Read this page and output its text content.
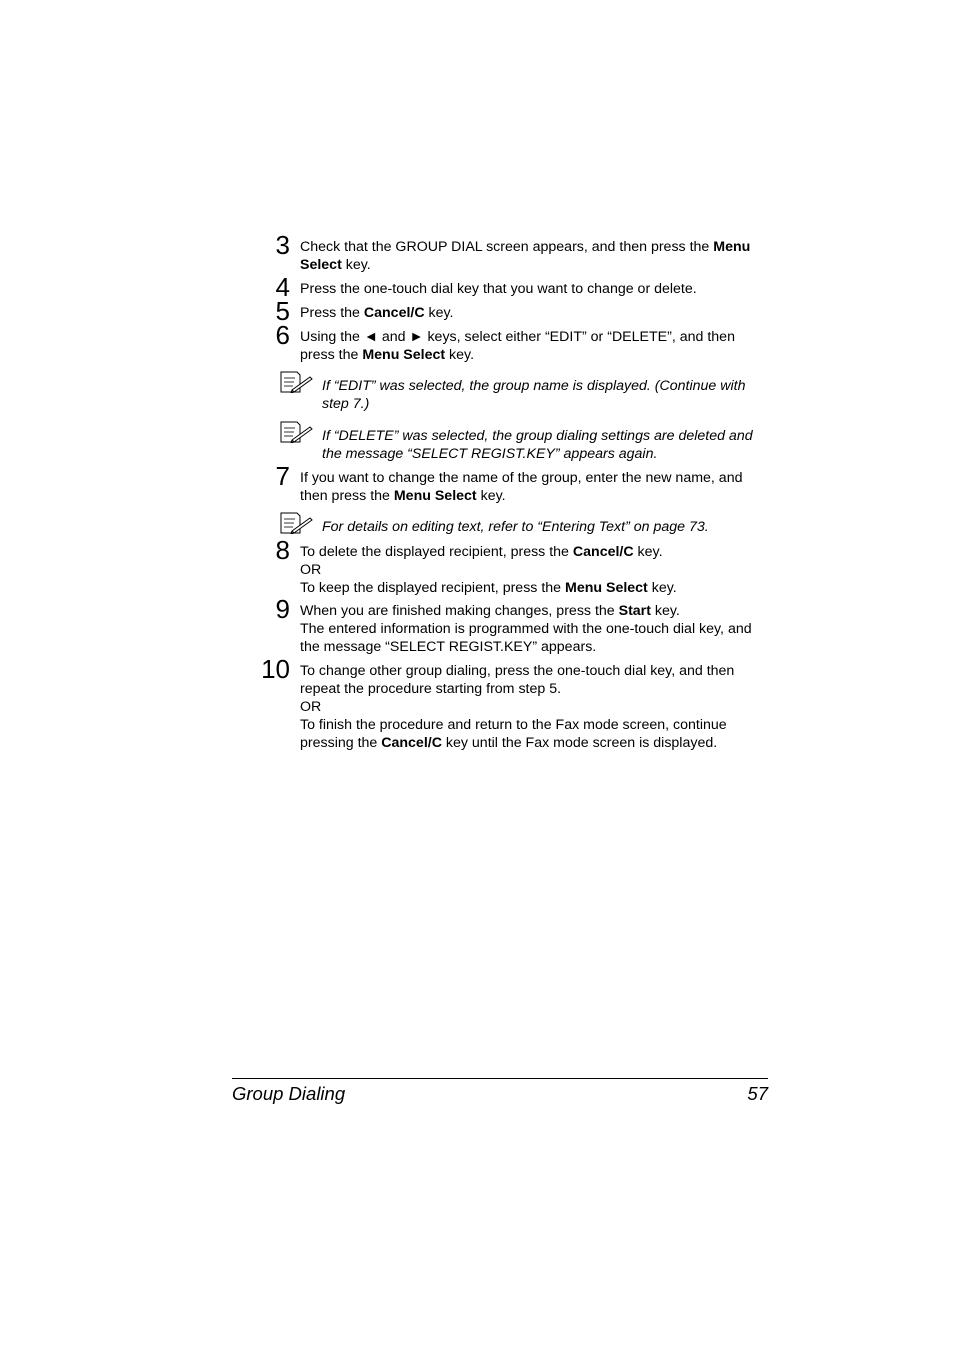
3 Check that the GROUP DIAL screen appears, and then press the Menu
Select key.
4 Press the one-touch dial key that you want to change or delete.
5 Press the Cancel/C key.
6 Using the ◄ and ► keys, select either “EDIT” or “DELETE”, and then
press the Menu Select key.
If “EDIT” was selected, the group name is displayed. (Continue with
step 7.)
If “DELETE” was selected, the group dialing settings are deleted and
the message “SELECT REGIST.KEY” appears again.
7 If you want to change the name of the group, enter the new name, and
then press the Menu Select key.
For details on editing text, refer to “Entering Text” on page 73.
8 To delete the displayed recipient, press the Cancel/C key.
OR
To keep the displayed recipient, press the Menu Select key.
9 When you are finished making changes, press the Start key.
The entered information is programmed with the one-touch dial key, and
the message “SELECT REGIST.KEY” appears.
10 To change other group dialing, press the one-touch dial key, and then
repeat the procedure starting from step 5.
OR
To finish the procedure and return to the Fax mode screen, continue
pressing the Cancel/C key until the Fax mode screen is displayed.
Group Dialing	57
